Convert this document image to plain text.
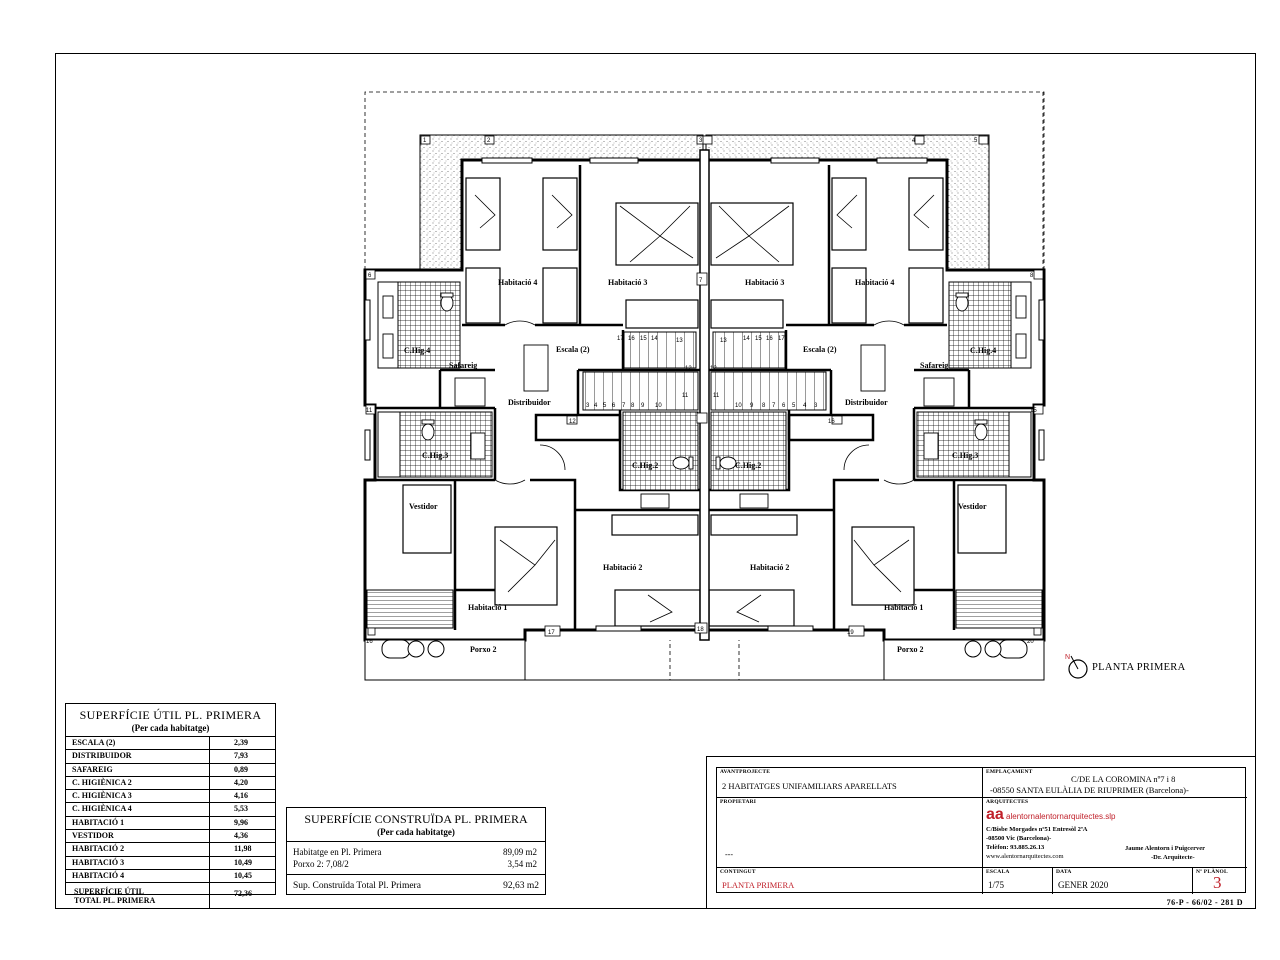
1	2	3	4	5
6
7
8
11	15
16
17	18	19
20
3 4 5 6 7 8 9 10
11
12
13
14
15
16
17
12
10 9 8 7 6 5 4 3
11
12
13	14 15 16 17
16
Habitació 4	Habitació 3
Escala (2)
Safareig
Distribuidor
C.Hig.4
C.Hig.3
C.Hig.2
Vestidor
Habitació 2
Habitació 1
Porxo 2
Habitació 4
Habitació 3
Escala (2)
Safareig
Distribuidor
C.Hig.4
C.Hig.3
C.Hig.2
Vestidor
Habitació 2
Habitació 1
Porxo 2
N
PLANTA PRIMERA
SUPERFÍCIE ÚTIL PL. PRIMERA
(Per cada habitatge)
ESCALA (2)	2,39
DISTRIBUIDOR	7,93
SAFAREIG	0,89
C. HIGIÈNICA 2	4,20
C. HIGIÈNICA 3	4,16
C. HIGIÈNICA 4	5,53
HABITACIÓ 1	9,96
VESTIDOR	4,36
HABITACIÓ 2	11,98
HABITACIÓ 3	10,49
HABITACIÓ 4	10,45
SUPERFÍCIE ÚTIL
TOTAL PL. PRIMERA
72,36
SUPERFÍCIE CONSTRUÏDA PL. PRIMERA
(Per cada habitatge)
Habitatge en Pl. Primera	89,09 m2
Porxo 2: 7,08/2	3,54 m2
Sup. Construïda Total Pl. Primera	92,63 m2
AVANTPROJECTE
2 HABITATGES UNIFAMILIARS APARELLATS
EMPLAÇAMENT
C/DE LA COROMINA nº7 i 8
-08550 SANTA EULÀLIA DE RIUPRIMER (Barcelona)-
PROPIETARI
---
ARQUITECTES
aa alentornalentornarquitectes.slp
C/Bisbe Morgades nº51 Entresòl 2ªA
-08500 Vic (Barcelona)-
Telèfon: 93.885.26.13
www.alentornarquitectes.com
Jaume Alentorn i Puigcerver
-Dr. Arquitecte-
CONTINGUT
PLANTA PRIMERA
ESCALA
1/75
DATA
GENER 2020
Nº PLÀNOL
3
76-P - 66/02 - 281 D
